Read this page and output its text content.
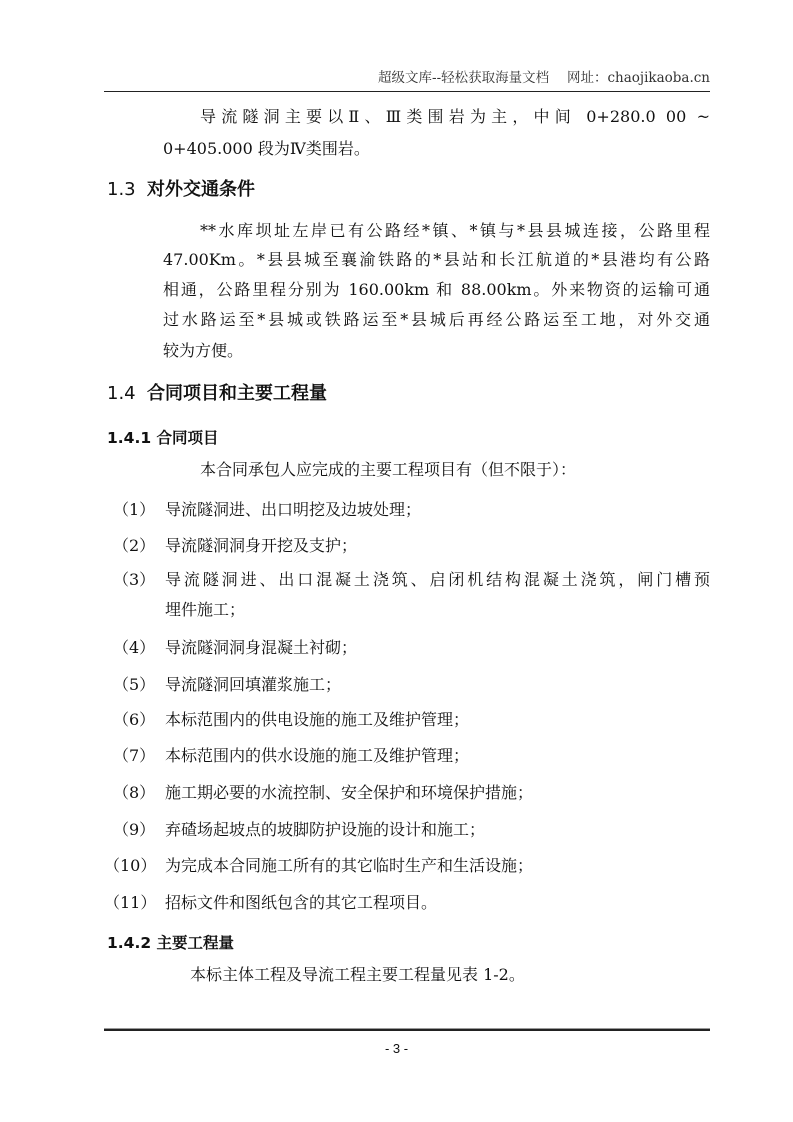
超级文库--轻松获取海量文档　 网址：chaojikaoba.cn
导流隧洞主要以Ⅱ、Ⅲ类围岩为主，中间 0+280.0 00 ~
0+405.000 段为Ⅳ类围岩。
1.3 对外交通条件
**水库坝址左岸已有公路经*镇、*镇与*县县城连接，公路里程
47.00Km。*县县城至襄渝铁路的*县站和长江航道的*县港均有公路
相通，公路里程分别为 160.00km 和 88.00km。外来物资的运输可通
过水路运至*县城或铁路运至*县城后再经公路运至工地，对外交通
较为方便。
1.4 合同项目和主要工程量
1.4.1 合同项目
本合同承包人应完成的主要工程项目有（但不限于）：
（1） 导流隧洞进、出口明挖及边坡处理；
（2） 导流隧洞洞身开挖及支护；
（3） 导流隧洞进、出口混凝土浇筑、启闭机结构混凝土浇筑，闸门槽预
埋件施工；
（4） 导流隧洞洞身混凝土衬砌；
（5） 导流隧洞回填灌浆施工；
（6） 本标范围内的供电设施的施工及维护管理；
（7） 本标范围内的供水设施的施工及维护管理；
（8） 施工期必要的水流控制、安全保护和环境保护措施；
（9） 弃碴场起坡点的坡脚防护设施的设计和施工；
（10） 为完成本合同施工所有的其它临时生产和生活设施；
（11） 招标文件和图纸包含的其它工程项目。
1.4.2 主要工程量
本标主体工程及导流工程主要工程量见表 1-2。
- 3 -
